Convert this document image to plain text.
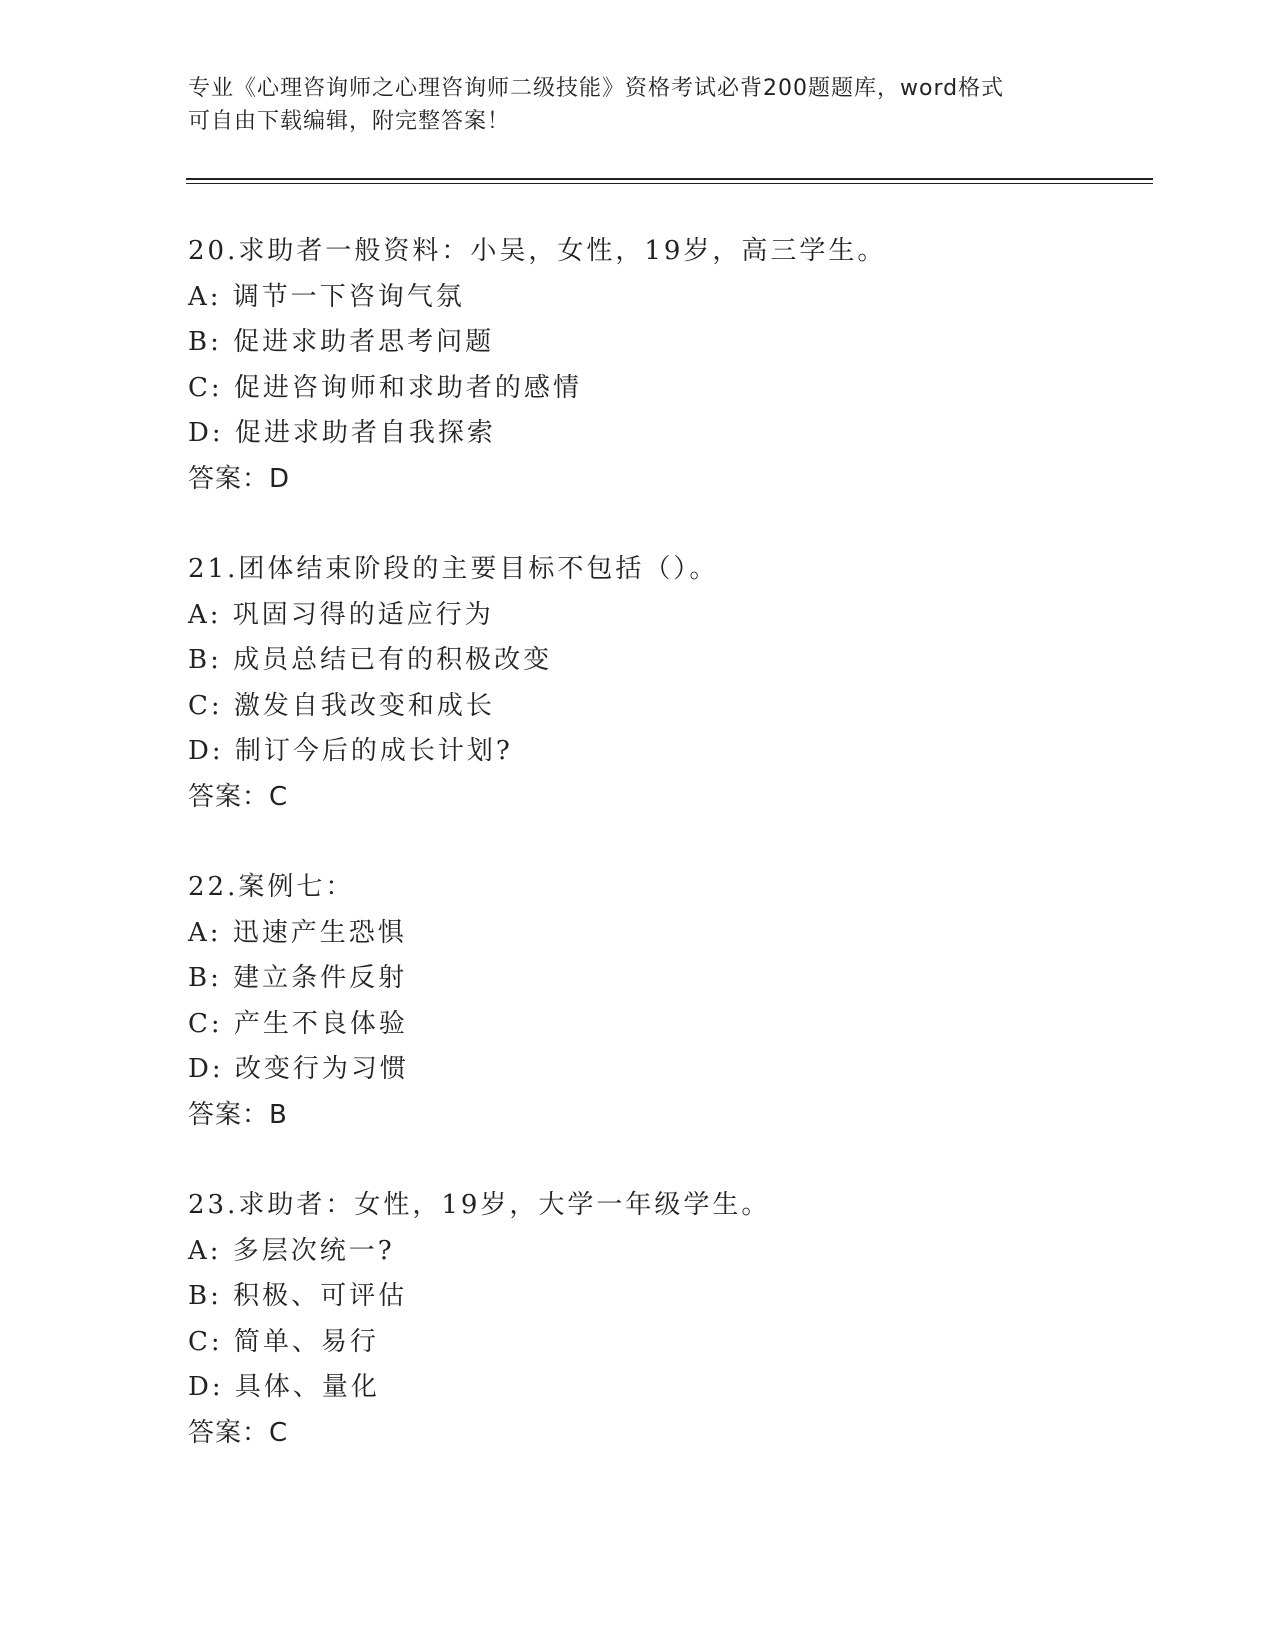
专业《心理咨询师之心理咨询师二级技能》资格考试必背200题题库，word格式
可自由下载编辑，附完整答案！
20.求助者一般资料：小吴，女性，19岁，高三学生。
A: 调节一下咨询气氛
B: 促进求助者思考问题
C: 促进咨询师和求助者的感情
D: 促进求助者自我探索
答案：D
21.团体结束阶段的主要目标不包括（）。
A: 巩固习得的适应行为
B: 成员总结已有的积极改变
C: 激发自我改变和成长
D: 制订今后的成长计划?
答案：C
22.案例七：
A: 迅速产生恐惧
B: 建立条件反射
C: 产生不良体验
D: 改变行为习惯
答案：B
23.求助者：女性，19岁，大学一年级学生。
A: 多层次统一?
B: 积极、可评估
C: 简单、易行
D: 具体、量化
答案：C
